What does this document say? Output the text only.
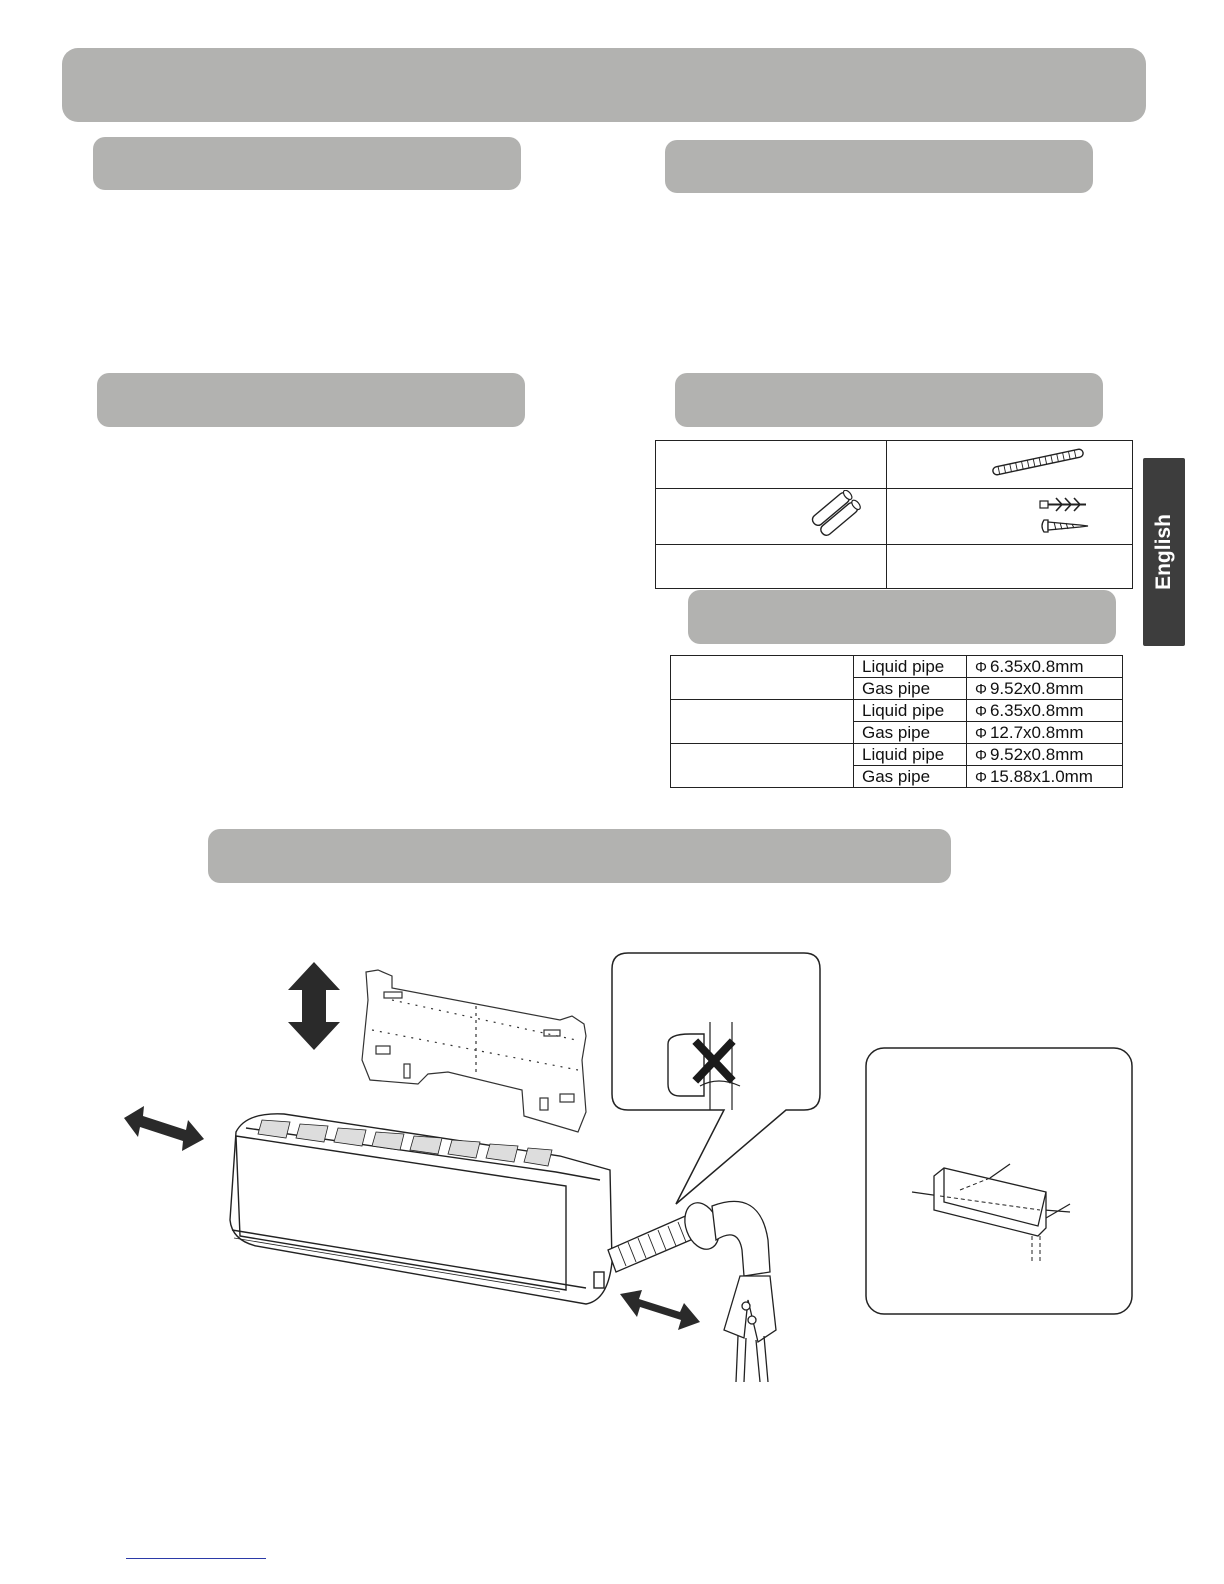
English

	Liquid pipe	Φ 6.35x0.8mm
	Gas pipe	Φ 9.52x0.8mm
	Liquid pipe	Φ 6.35x0.8mm
	Gas pipe	Φ 12.7x0.8mm
	Liquid pipe	Φ 9.52x0.8mm
	Gas pipe	Φ 15.88x1.0mm
